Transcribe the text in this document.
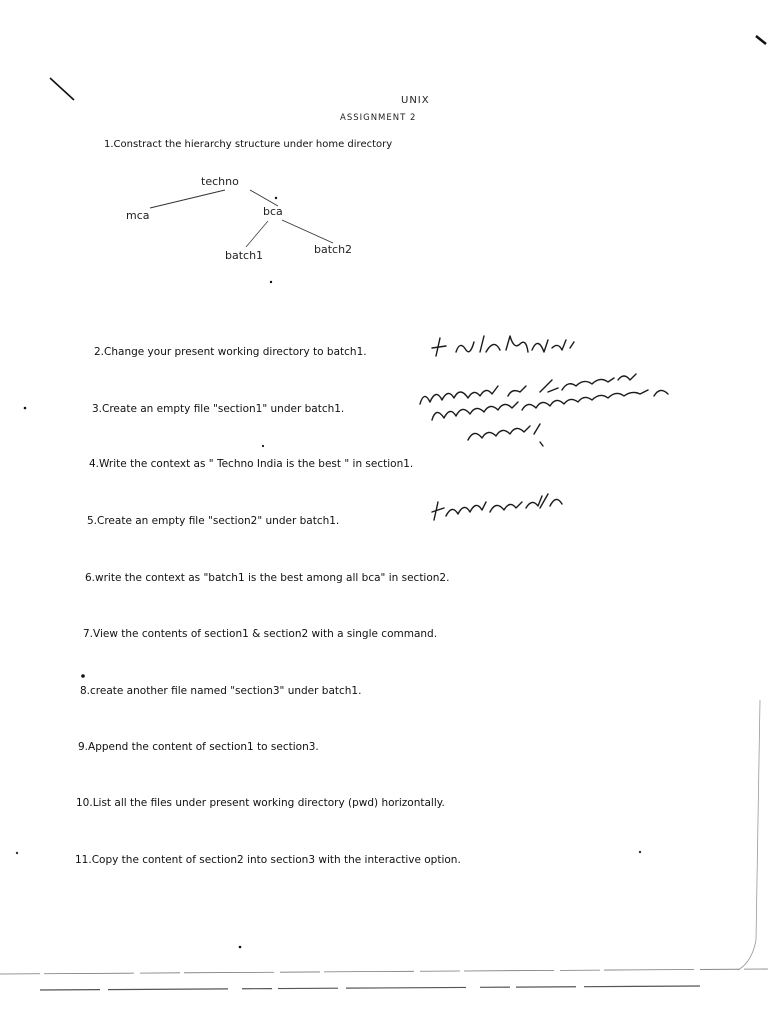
UNIX
ASSIGNMENT 2
1.Constract the hierarchy structure under home directory
techno
mca	bca
batch1	batch2
2.Change your present working directory to batch1.
3.Create an empty file "section1" under batch1.
4.Write the context as " Techno India is the best " in section1.
5.Create an empty file "section2" under batch1.
6.write the context as "batch1 is the best among all bca" in section2.
7.View the contents of section1 & section2 with a single command.
8.create another file named "section3" under batch1.
9.Append the content of section1 to section3.
10.List all the files under present working directory (pwd) horizontally.
11.Copy the content of section2 into section3 with the interactive option.
